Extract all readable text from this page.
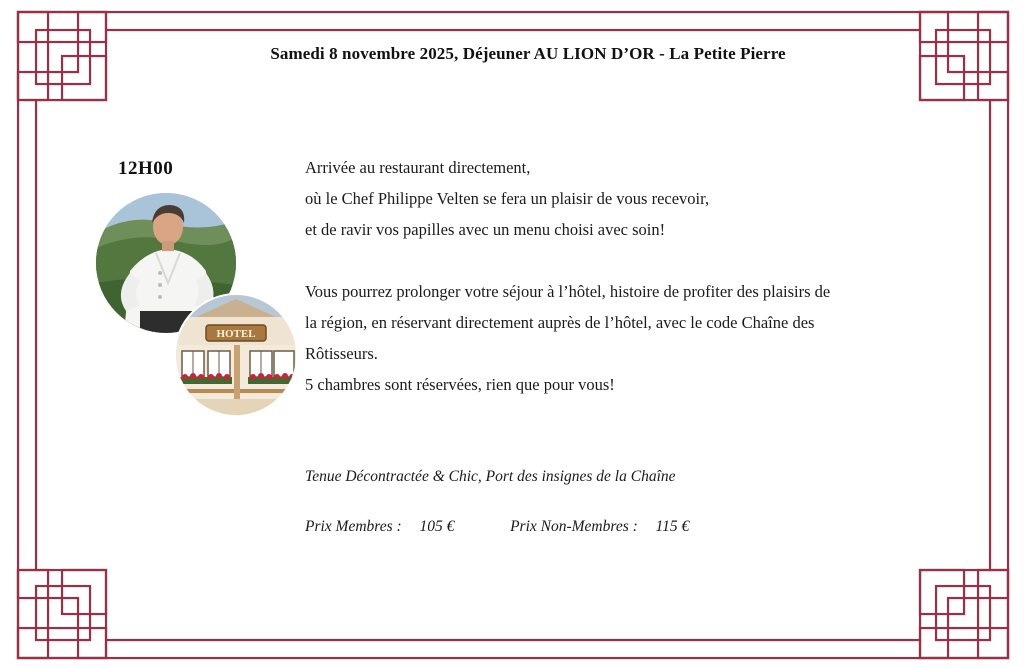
Samedi 8 novembre 2025, Déjeuner AU LION D’OR - La Petite Pierre
12H00
HOTEL

Arrivée au restaurant directement,

où le Chef Philippe Velten se fera un plaisir de vous recevoir,

et de ravir vos papilles avec un menu choisi avec soin!

Vous pourrez prolonger votre séjour à l’hôtel, histoire de profiter des plaisirs de

la région, en réservant directement auprès de l’hôtel, avec le code Chaîne des

Rôtisseurs.

5 chambres sont réservées, rien que pour vous!

Tenue Décontractée & Chic, Port des insignes de la Chaîne
Prix Membres : 105 €	Prix Non-Membres : 115 €
